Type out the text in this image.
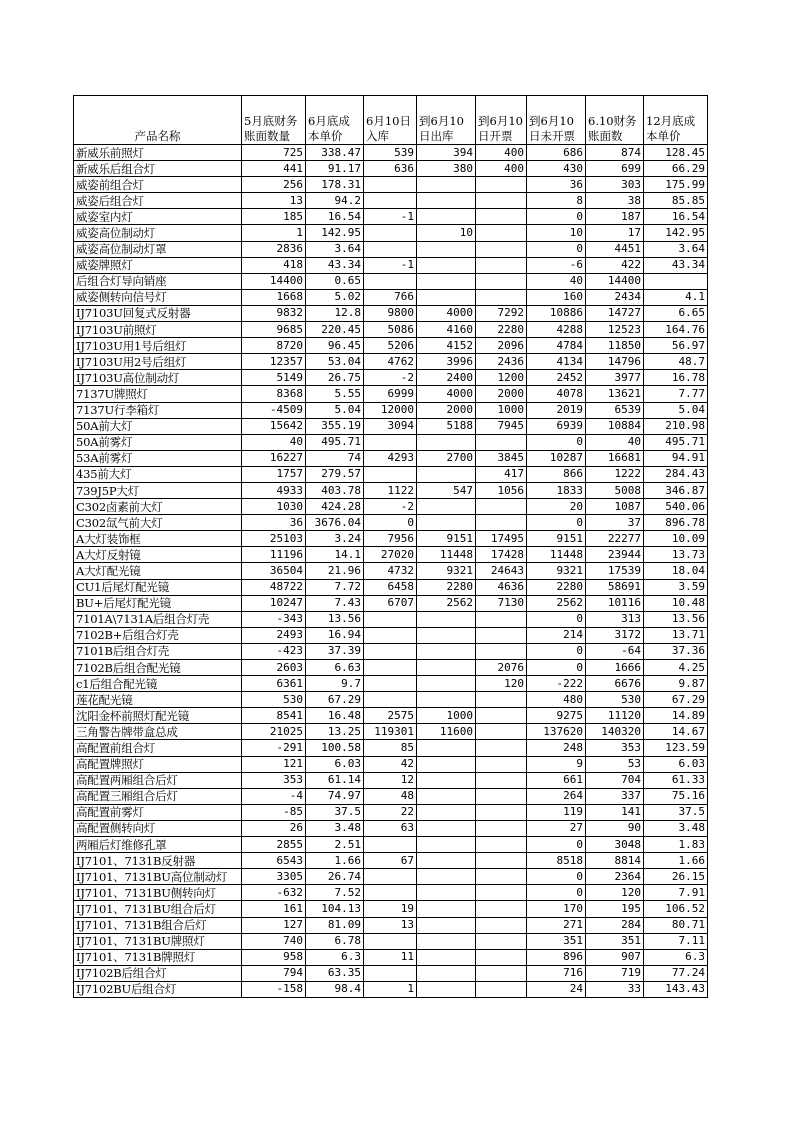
产品名称	5月底财务账面数量	6月底成本单价	6月10日入库	到6月10日出库	到6月10日开票	到6月10日未开票	6.10财务账面数	12月底成本单价
新威乐前照灯	725	338.47	539	394	400	686	874	128.45
新威乐后组合灯	441	91.17	636	380	400	430	699	66.29
威姿前组合灯	256	178.31				36	303	175.99
威姿后组合灯	13	94.2				8	38	85.85
威姿室内灯	185	16.54	-1			0	187	16.54
威姿高位制动灯	1	142.95		10		10	17	142.95
威姿高位制动灯罩	2836	3.64				0	4451	3.64
威姿牌照灯	418	43.34	-1			-6	422	43.34
后组合灯导向销座	14400	0.65				40	14400	
威姿侧转向信号灯	1668	5.02	766			160	2434	4.1
IJ7103U回复式反射器	9832	12.8	9800	4000	7292	10886	14727	6.65
IJ7103U前照灯	9685	220.45	5086	4160	2280	4288	12523	164.76
IJ7103U用1号后组灯	8720	96.45	5206	4152	2096	4784	11850	56.97
IJ7103U用2号后组灯	12357	53.04	4762	3996	2436	4134	14796	48.7
IJ7103U高位制动灯	5149	26.75	-2	2400	1200	2452	3977	16.78
7137U牌照灯	8368	5.55	6999	4000	2000	4078	13621	7.77
7137U行李箱灯	-4509	5.04	12000	2000	1000	2019	6539	5.04
50A前大灯	15642	355.19	3094	5188	7945	6939	10884	210.98
50A前雾灯	40	495.71				0	40	495.71
53A前雾灯	16227	74	4293	2700	3845	10287	16681	94.91
435前大灯	1757	279.57			417	866	1222	284.43
739J5P大灯	4933	403.78	1122	547	1056	1833	5008	346.87
C302卤素前大灯	1030	424.28	-2			20	1087	540.06
C302氙气前大灯	36	3676.04	0			0	37	896.78
A大灯装饰框	25103	3.24	7956	9151	17495	9151	22277	10.09
A大灯反射镜	11196	14.1	27020	11448	17428	11448	23944	13.73
A大灯配光镜	36504	21.96	4732	9321	24643	9321	17539	18.04
CU1后尾灯配光镜	48722	7.72	6458	2280	4636	2280	58691	3.59
BU+后尾灯配光镜	10247	7.43	6707	2562	7130	2562	10116	10.48
7101A\7131A后组合灯壳	-343	13.56				0	313	13.56
7102B+后组合灯壳	2493	16.94				214	3172	13.71
7101B后组合灯壳	-423	37.39				0	-64	37.36
7102B后组合配光镜	2603	6.63			2076	0	1666	4.25
c1后组合配光镜	6361	9.7			120	-222	6676	9.87
莲花配光镜	530	67.29				480	530	67.29
沈阳金杯前照灯配光镜	8541	16.48	2575	1000		9275	11120	14.89
三角警告牌带盒总成	21025	13.25	119301	11600		137620	140320	14.67
高配置前组合灯	-291	100.58	85			248	353	123.59
高配置牌照灯	121	6.03	42			9	53	6.03
高配置两厢组合后灯	353	61.14	12			661	704	61.33
高配置三厢组合后灯	-4	74.97	48			264	337	75.16
高配置前雾灯	-85	37.5	22			119	141	37.5
高配置侧转向灯	26	3.48	63			27	90	3.48
两厢后灯维修孔罩	2855	2.51				0	3048	1.83
IJ7101、7131B反射器	6543	1.66	67			8518	8814	1.66
IJ7101、7131BU高位制动灯	3305	26.74				0	2364	26.15
IJ7101、7131BU侧转向灯	-632	7.52				0	120	7.91
IJ7101、7131BU组合后灯	161	104.13	19			170	195	106.52
IJ7101、7131B组合后灯	127	81.09	13			271	284	80.71
IJ7101、7131BU牌照灯	740	6.78				351	351	7.11
IJ7101、7131B牌照灯	958	6.3	11			896	907	6.3
IJ7102B后组合灯	794	63.35				716	719	77.24
IJ7102BU后组合灯	-158	98.4	1			24	33	143.43
